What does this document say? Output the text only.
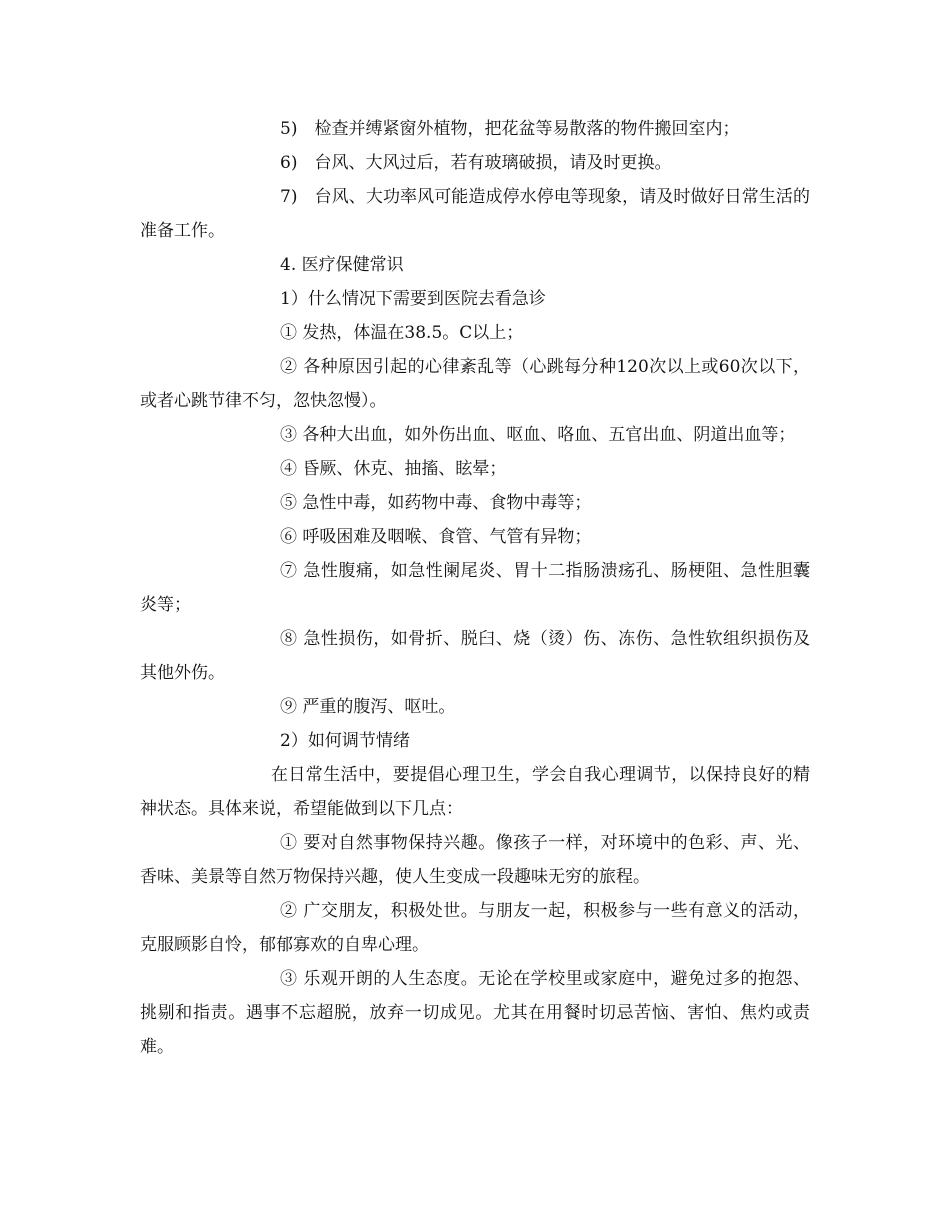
5)　检查并缚紧窗外植物，把花盆等易散落的物件搬回室内；

6)　台风、大风过后，若有玻璃破损，请及时更换。

7)　台风、大功率风可能造成停水停电等现象，请及时做好日常生活的准备工作。

4. 医疗保健常识

1）什么情况下需要到医院去看急诊

① 发热，体温在38.5。C以上；

② 各种原因引起的心律紊乱等（心跳每分种120次以上或60次以下，或者心跳节律不匀，忽快忽慢）。

③ 各种大出血，如外伤出血、呕血、咯血、五官出血、阴道出血等；

④ 昏厥、休克、抽搐、眩晕；

⑤ 急性中毒，如药物中毒、食物中毒等；

⑥ 呼吸困难及咽喉、食管、气管有异物；

⑦ 急性腹痛，如急性阑尾炎、胃十二指肠溃疡孔、肠梗阻、急性胆囊炎等；

⑧ 急性损伤，如骨折、脱臼、烧（烫）伤、冻伤、急性软组织损伤及其他外伤。

⑨ 严重的腹泻、呕吐。

2）如何调节情绪

在日常生活中，要提倡心理卫生，学会自我心理调节，以保持良好的精神状态。具体来说，希望能做到以下几点：

① 要对自然事物保持兴趣。像孩子一样，对环境中的色彩、声、光、香味、美景等自然万物保持兴趣，使人生变成一段趣味无穷的旅程。

② 广交朋友，积极处世。与朋友一起，积极参与一些有意义的活动，克服顾影自怜，郁郁寡欢的自卑心理。

③ 乐观开朗的人生态度。无论在学校里或家庭中，避免过多的抱怨、挑剔和指责。遇事不忘超脱，放弃一切成见。尤其在用餐时切忌苦恼、害怕、焦灼或责难。
